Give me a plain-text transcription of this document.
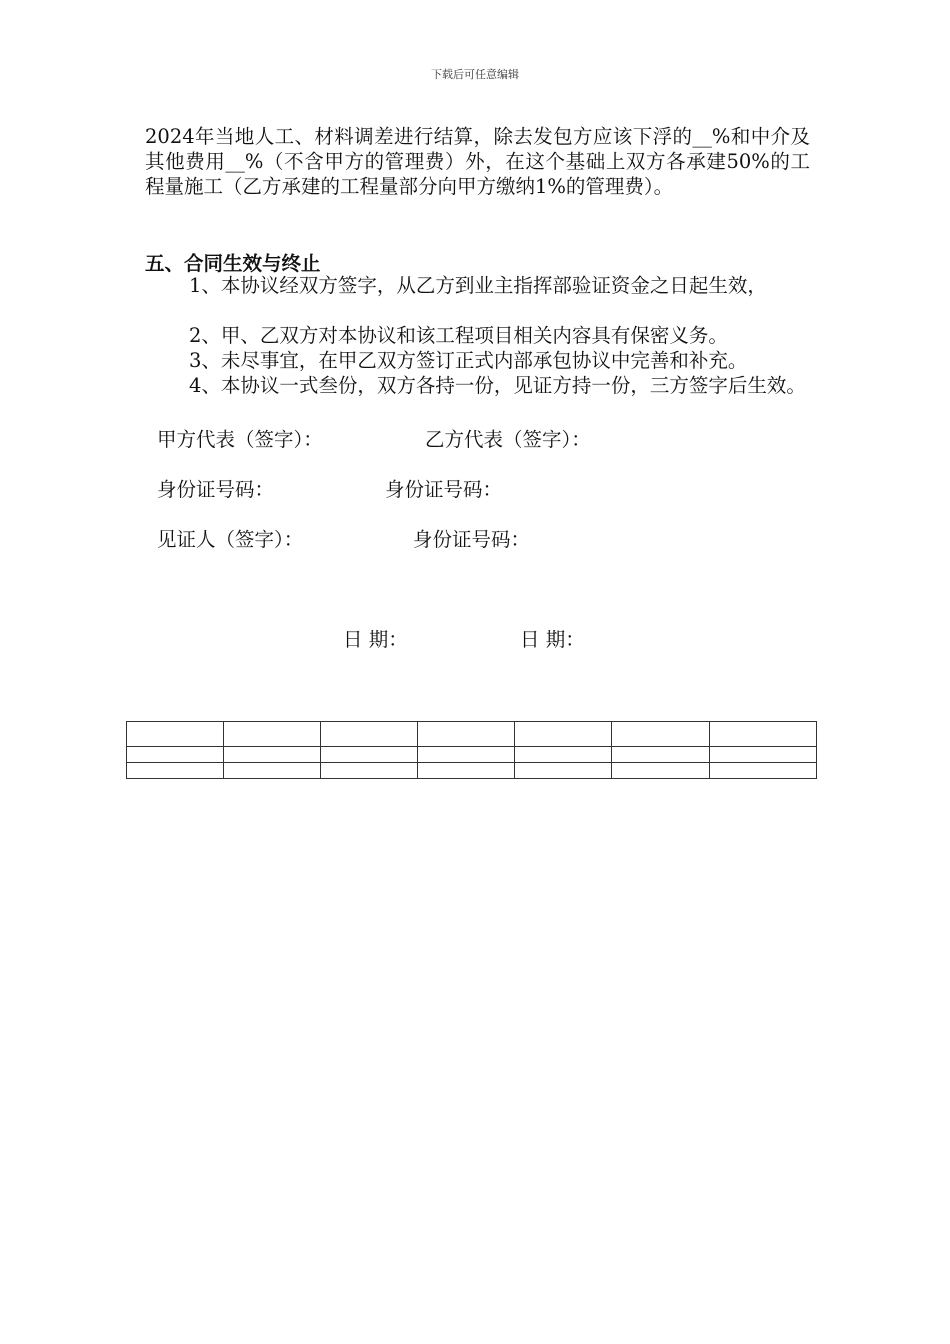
下载后可任意编辑
2024年当地人工、材料调差进行结算，除去发包方应该下浮的__%和中介及其他费用__%（不含甲方的管理费）外，在这个基础上双方各承建50%的工程量施工（乙方承建的工程量部分向甲方缴纳1%的管理费）。
五、合同生效与终止
1、本协议经双方签字，从乙方到业主指挥部验证资金之日起生效，
2、甲、乙双方对本协议和该工程项目相关内容具有保密义务。
3、未尽事宜，在甲乙双方签订正式内部承包协议中完善和补充。
4、本协议一式叁份，双方各持一份，见证方持一份，三方签字后生效。
甲方代表（签字）：	乙方代表（签字）：
身份证号码：	身份证号码：
见证人（签字）：	身份证号码：
日 期：	日 期：
